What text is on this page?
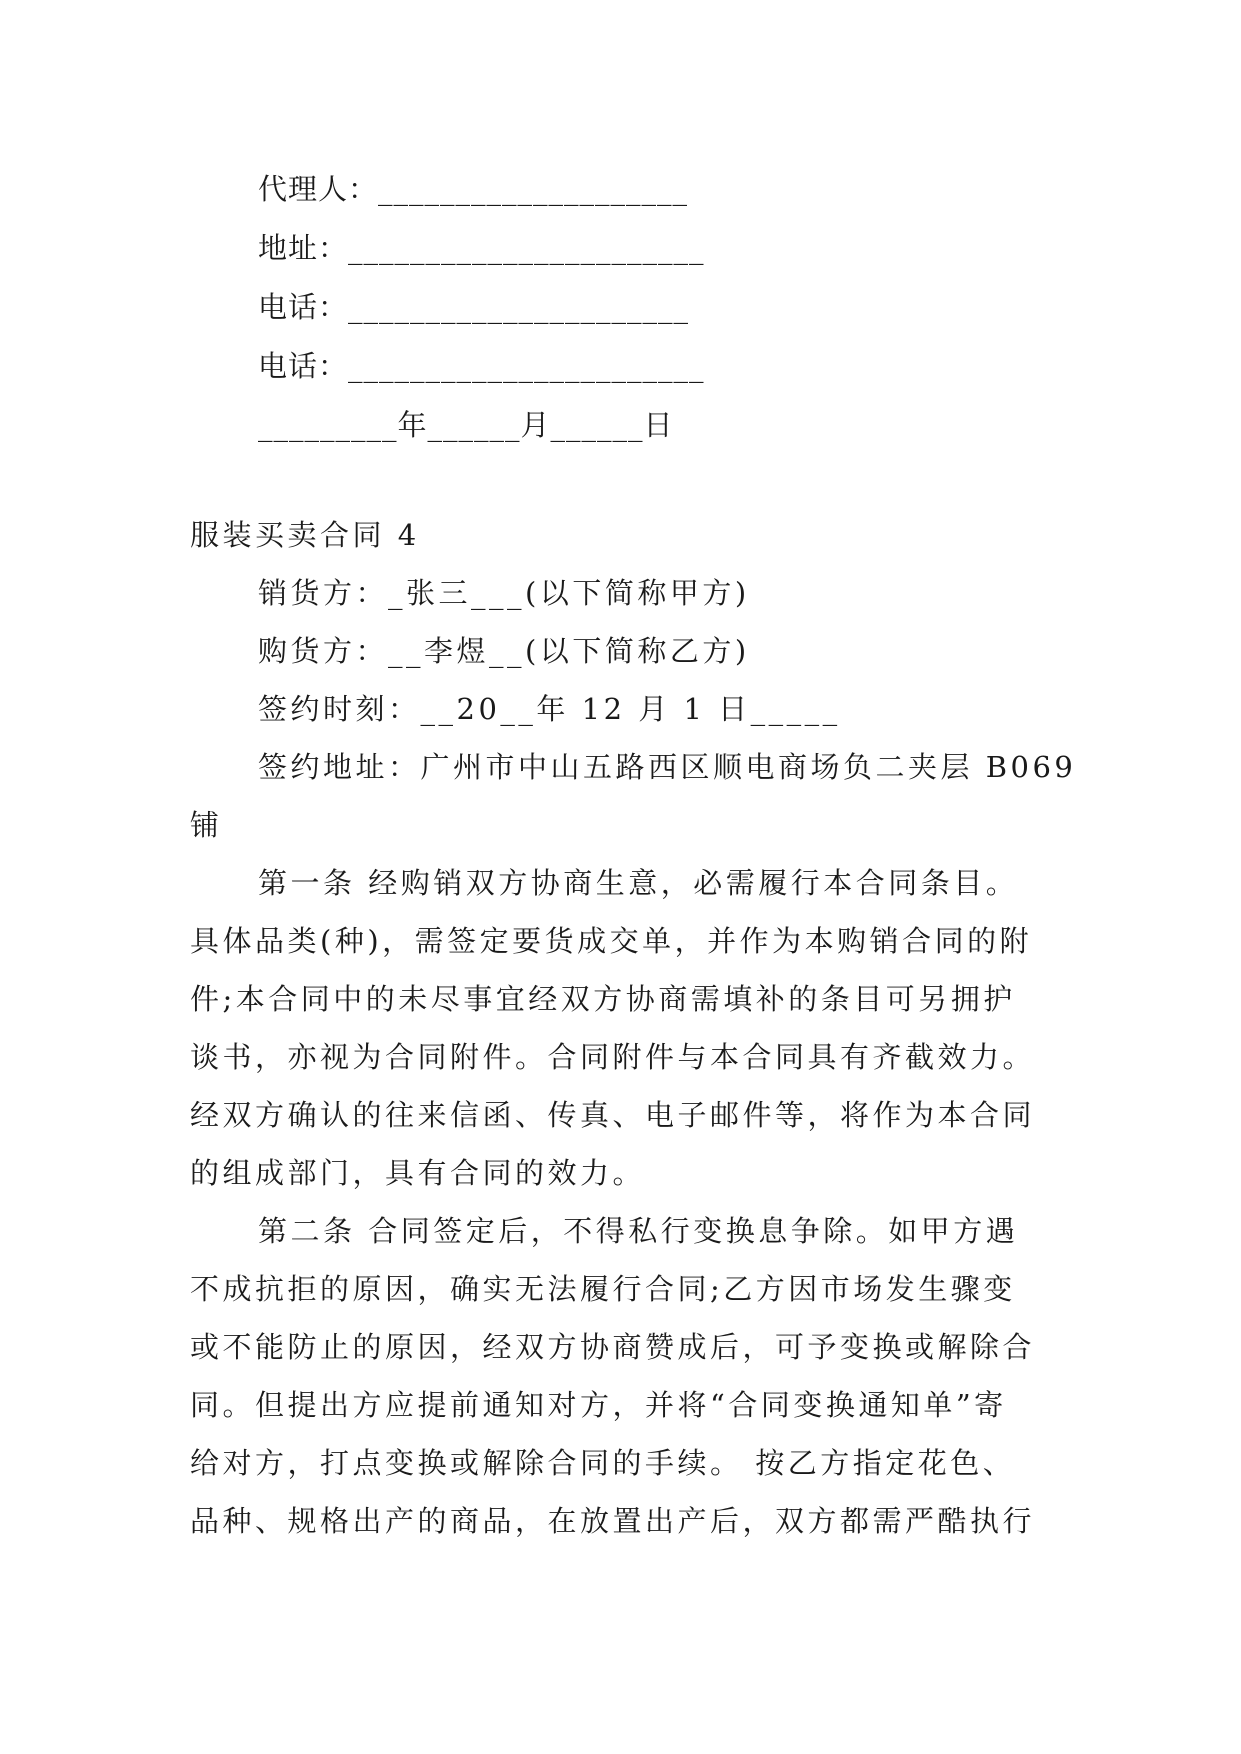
代理人：____________________
地址：_______________________
电话：______________________
电话：_______________________
_________年______月______日
服装买卖合同 4
销货方：_张三___(以下简称甲方)
购货方：__李煜__(以下简称乙方)
签约时刻：__20__年 12 月 1 日_____
签约地址：广州市中山五路西区顺电商场负二夹层 B069
铺
第一条 经购销双方协商生意，必需履行本合同条目。
具体品类(种)，需签定要货成交单，并作为本购销合同的附
件;本合同中的未尽事宜经双方协商需填补的条目可另拥护
谈书，亦视为合同附件。合同附件与本合同具有齐截效力。
经双方确认的往来信函、传真、电子邮件等，将作为本合同
的组成部门，具有合同的效力。
第二条 合同签定后，不得私行变换息争除。如甲方遇
不成抗拒的原因，确实无法履行合同;乙方因市场发生骤变
或不能防止的原因，经双方协商赞成后，可予变换或解除合
同。但提出方应提前通知对方，并将“合同变换通知单”寄
给对方，打点变换或解除合同的手续。 按乙方指定花色、
品种、规格出产的商品，在放置出产后，双方都需严酷执行
